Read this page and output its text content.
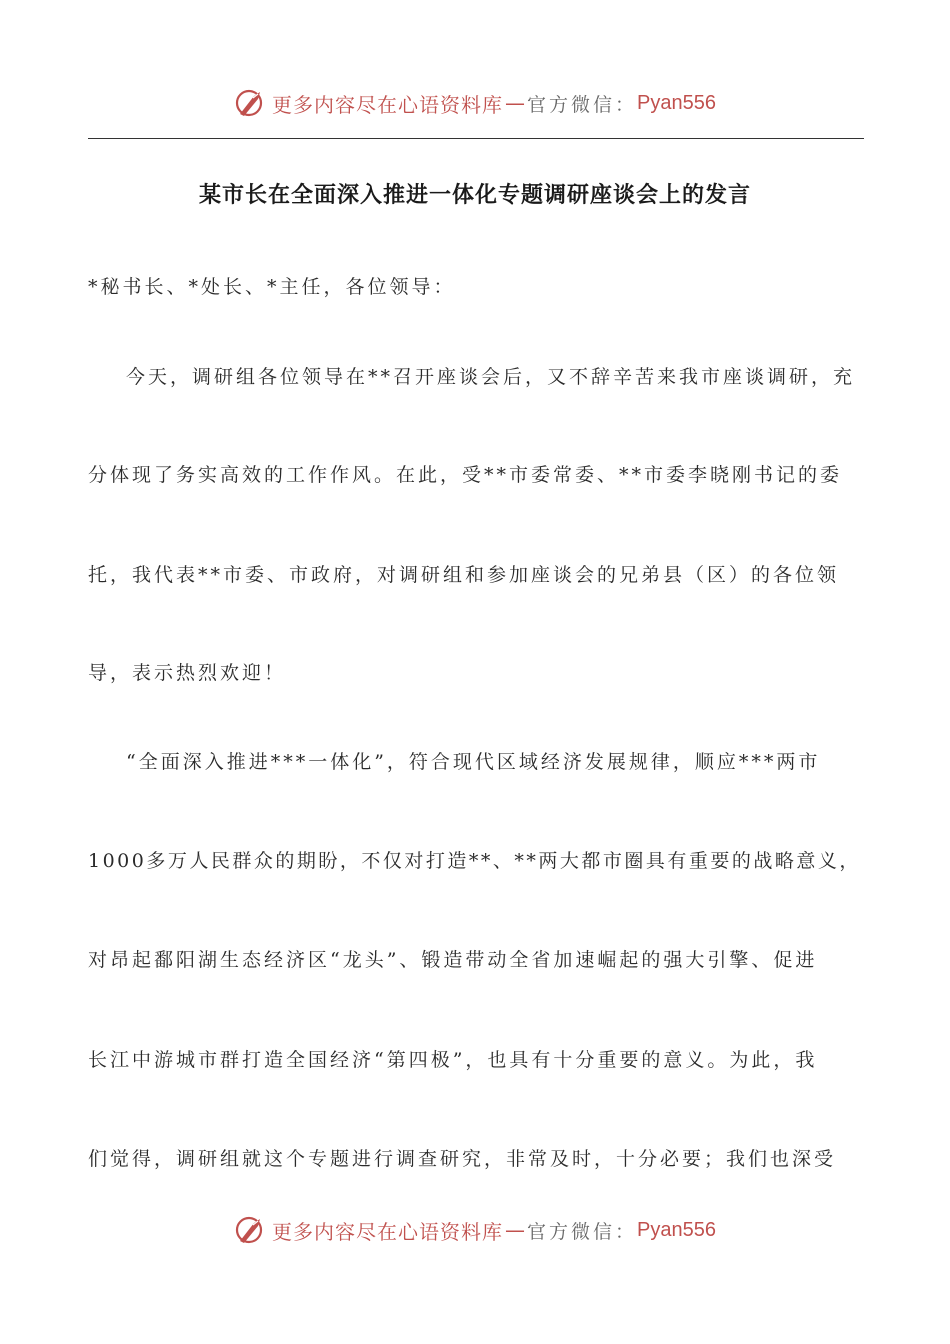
更多内容尽在心语资料库 — 官方微信： Pyan556
某市长在全面深入推进一体化专题调研座谈会上的发言
*秘书长、*处长、*主任，各位领导：
今天，调研组各位领导在**召开座谈会后，又不辞辛苦来我市座谈调研，充
分体现了务实高效的工作作风。在此，受**市委常委、**市委李晓刚书记的委
托，我代表**市委、市政府，对调研组和参加座谈会的兄弟县（区）的各位领
导，表示热烈欢迎！
“全面深入推进***一体化”，符合现代区域经济发展规律，顺应***两市
1000多万人民群众的期盼，不仅对打造**、**两大都市圈具有重要的战略意义，
对昂起鄱阳湖生态经济区“龙头”、锻造带动全省加速崛起的强大引擎、促进
长江中游城市群打造全国经济“第四极”，也具有十分重要的意义。为此，我
们觉得，调研组就这个专题进行调查研究，非常及时，十分必要；我们也深受
更多内容尽在心语资料库 — 官方微信： Pyan556
